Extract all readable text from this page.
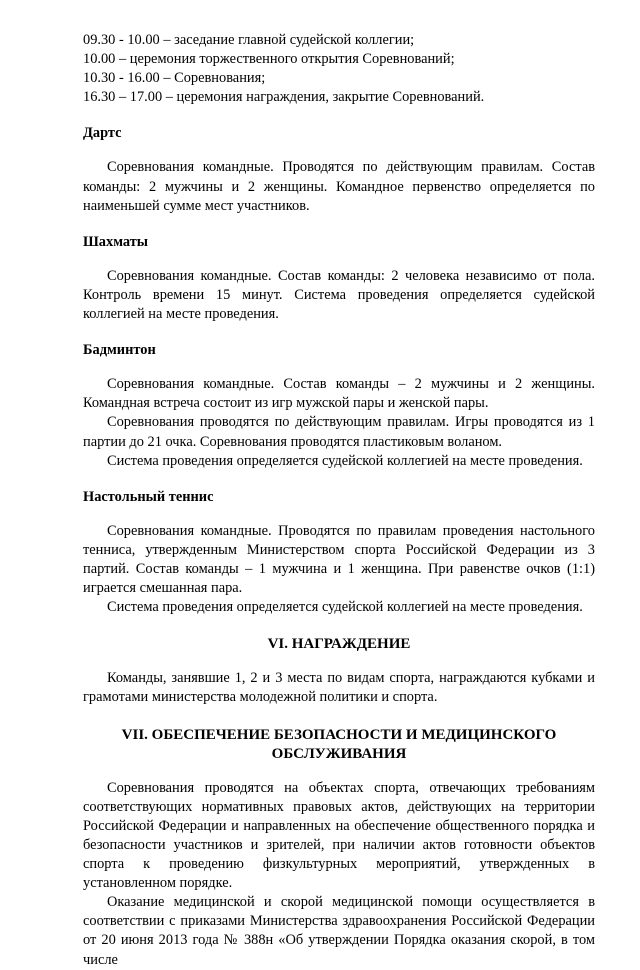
09.30 - 10.00 – заседание главной судейской коллегии;
10.00 – церемония торжественного открытия Соревнований;
10.30 - 16.00 – Соревнования;
16.30 – 17.00 – церемония награждения, закрытие Соревнований.
Дартс
Соревнования командные. Проводятся по действующим правилам. Состав команды: 2 мужчины и 2 женщины. Командное первенство определяется по наименьшей сумме мест участников.
Шахматы
Соревнования командные. Состав команды: 2 человека независимо от пола. Контроль времени 15 минут. Система проведения определяется судейской коллегией на месте проведения.
Бадминтон
Соревнования командные. Состав команды – 2 мужчины и 2 женщины. Командная встреча состоит из игр мужской пары и женской пары.
Соревнования проводятся по действующим правилам. Игры проводятся из 1 партии до 21 очка. Соревнования проводятся пластиковым воланом.
Система проведения определяется судейской коллегией на месте проведения.
Настольный теннис
Соревнования командные. Проводятся по правилам проведения настольного тенниса, утвержденным Министерством спорта Российской Федерации из 3 партий. Состав команды – 1 мужчина и 1 женщина. При равенстве очков (1:1) играется смешанная пара.
Система проведения определяется судейской коллегией на месте проведения.
VI. НАГРАЖДЕНИЕ
Команды, занявшие 1, 2 и 3 места по видам спорта, награждаются кубками и грамотами министерства молодежной политики и спорта.
VII. ОБЕСПЕЧЕНИЕ БЕЗОПАСНОСТИ И МЕДИЦИНСКОГО
ОБСЛУЖИВАНИЯ
Соревнования проводятся на объектах спорта, отвечающих требованиям соответствующих нормативных правовых актов, действующих на территории Российской Федерации и направленных на обеспечение общественного порядка и безопасности участников и зрителей, при наличии актов готовности объектов спорта к проведению физкультурных мероприятий, утвержденных в установленном порядке.
Оказание медицинской и скорой медицинской помощи осуществляется в соответствии с приказами Министерства здравоохранения Российской Федерации от 20 июня 2013 года № 388н «Об утверждении Порядка оказания скорой, в том числе
